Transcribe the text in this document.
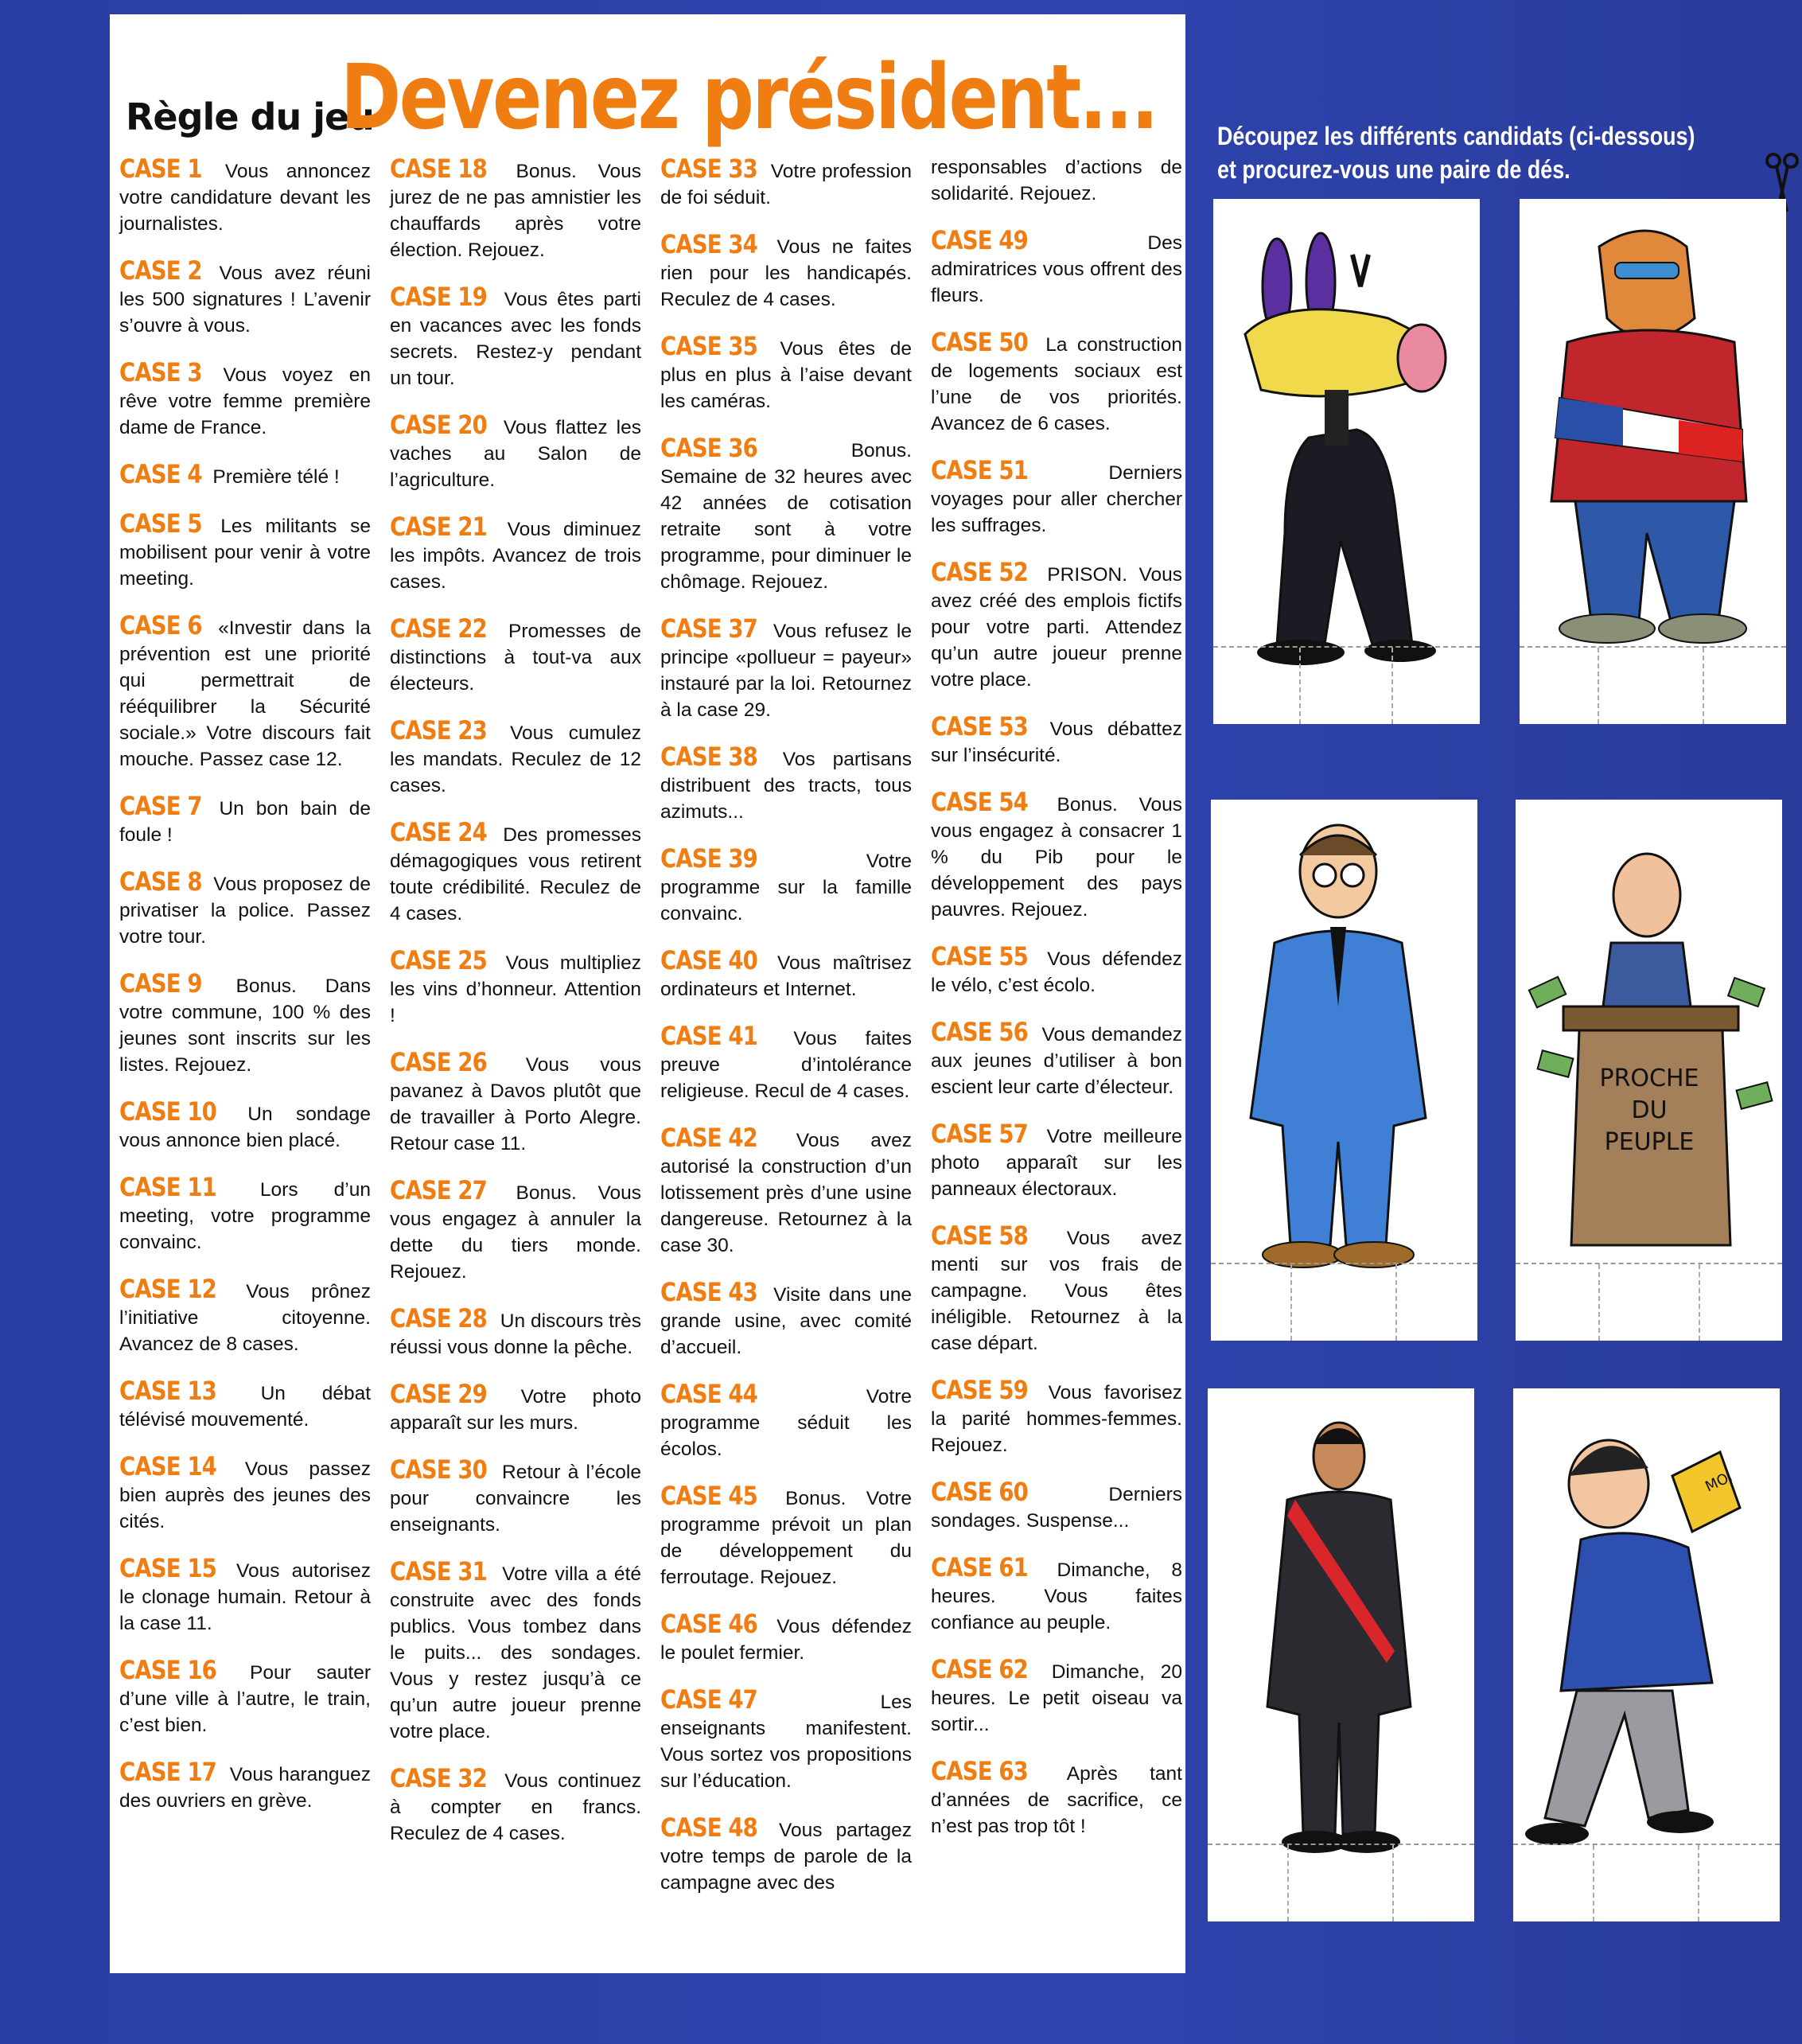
Règle du jeu
Devenez président...
CASE 1 Vous annoncez votre candidature devant les journalistes.
CASE 2 Vous avez réuni les 500 signatures ! L’avenir s’ouvre à vous.
CASE 3 Vous voyez en rêve votre femme première dame de France.
CASE 4 Première télé !
CASE 5 Les militants se mobilisent pour venir à votre meeting.
CASE 6 «Investir dans la prévention est une priorité qui permettrait de rééquilibrer la Sécurité sociale.» Votre discours fait mouche. Passez case 12.
CASE 7 Un bon bain de foule !
CASE 8 Vous proposez de privatiser la police. Passez votre tour.
CASE 9 Bonus. Dans votre commune, 100 % des jeunes sont inscrits sur les listes. Rejouez.
CASE 10 Un sondage vous annonce bien placé.
CASE 11 Lors d’un meeting, votre programme convainc.
CASE 12 Vous prônez l’initiative citoyenne. Avancez de 8 cases.
CASE 13 Un débat télévisé mouvementé.
CASE 14 Vous passez bien auprès des jeunes des cités.
CASE 15 Vous autorisez le clonage humain. Retour à la case 11.
CASE 16 Pour sauter d’une ville à l’autre, le train, c’est bien.
CASE 17 Vous haranguez des ouvriers en grève.
CASE 18 Bonus. Vous jurez de ne pas amnistier les chauffards après votre élection. Rejouez.
CASE 19 Vous êtes parti en vacances avec les fonds secrets. Restez-y pendant un tour.
CASE 20 Vous flattez les vaches au Salon de l’agriculture.
CASE 21 Vous diminuez les impôts. Avancez de trois cases.
CASE 22 Promesses de distinctions à tout-va aux électeurs.
CASE 23 Vous cumulez les mandats. Reculez de 12 cases.
CASE 24 Des promesses démagogiques vous retirent toute crédibilité. Reculez de 4 cases.
CASE 25 Vous multipliez les vins d’honneur. Attention !
CASE 26 Vous vous pavanez à Davos plutôt que de travailler à Porto Alegre. Retour case 11.
CASE 27 Bonus. Vous vous engagez à annuler la dette du tiers monde. Rejouez.
CASE 28 Un discours très réussi vous donne la pêche.
CASE 29 Votre photo apparaît sur les murs.
CASE 30 Retour à l’école pour convaincre les enseignants.
CASE 31 Votre villa a été construite avec des fonds publics. Vous tombez dans le puits... des sondages. Vous y restez jusqu’à ce qu’un autre joueur prenne votre place.
CASE 32 Vous continuez à compter en francs. Reculez de 4 cases.
CASE 33 Votre profession de foi séduit.
CASE 34 Vous ne faites rien pour les handicapés. Reculez de 4 cases.
CASE 35 Vous êtes de plus en plus à l’aise devant les caméras.
CASE 36	Bonus. Semaine de 32 heures avec 42 années de cotisation retraite sont à votre programme, pour diminuer le chômage. Rejouez.
CASE 37 Vous refusez le principe «pollueur = payeur» instauré par la loi. Retournez à la case 29.
CASE 38 Vos partisans distribuent des tracts, tous azimuts...
CASE 39	Votre programme sur la famille convainc.
CASE 40 Vous maîtrisez ordinateurs et Internet.
CASE 41 Vous faites preuve d’intolérance religieuse. Recul de 4 cases.
CASE 42 Vous avez autorisé la construction d’un lotissement près d’une usine dangereuse. Retournez à la case 30.
CASE 43 Visite dans une grande usine, avec comité d’accueil.
CASE 44	Votre programme séduit les écolos.
CASE 45 Bonus. Votre programme prévoit un plan de développement du ferroutage. Rejouez.
CASE 46 Vous défendez le poulet fermier.
CASE 47	Les enseignants manifestent. Vous sortez vos propositions sur l’éducation.
CASE 48 Vous partagez votre temps de parole de la campagne avec des
responsables d’actions de solidarité. Rejouez.
CASE 49	Des admiratrices vous offrent des fleurs.
CASE 50 La construction de logements sociaux est l’une de vos priorités. Avancez de 6 cases.
CASE 51	Derniers voyages pour aller chercher les suffrages.
CASE 52 PRISON. Vous avez créé des emplois fictifs pour votre parti. Attendez qu’un autre joueur prenne votre place.
CASE 53 Vous débattez sur l’insécurité.
CASE 54 Bonus. Vous vous engagez à consacrer 1 % du Pib pour le développement des pays pauvres. Rejouez.
CASE 55 Vous défendez le vélo, c’est écolo.
CASE 56 Vous demandez aux jeunes d’utiliser à bon escient leur carte d’électeur.
CASE 57 Votre meilleure photo apparaît sur les panneaux électoraux.
CASE 58 Vous avez menti sur vos frais de campagne. Vous êtes inéligible. Retournez à la case départ.
CASE 59 Vous favorisez la parité hommes-femmes. Rejouez.
CASE 60	Derniers sondages. Suspense...
CASE 61 Dimanche, 8 heures. Vous faites confiance au peuple.
CASE 62 Dimanche, 20 heures. Le petit oiseau va sortir...
CASE 63 Après tant d’années de sacrifice, ce n’est pas trop tôt !
Découpez les différents candidats (ci-dessous)
et procurez-vous une paire de dés.
PROCHE
DU
PEUPLE
MOI
